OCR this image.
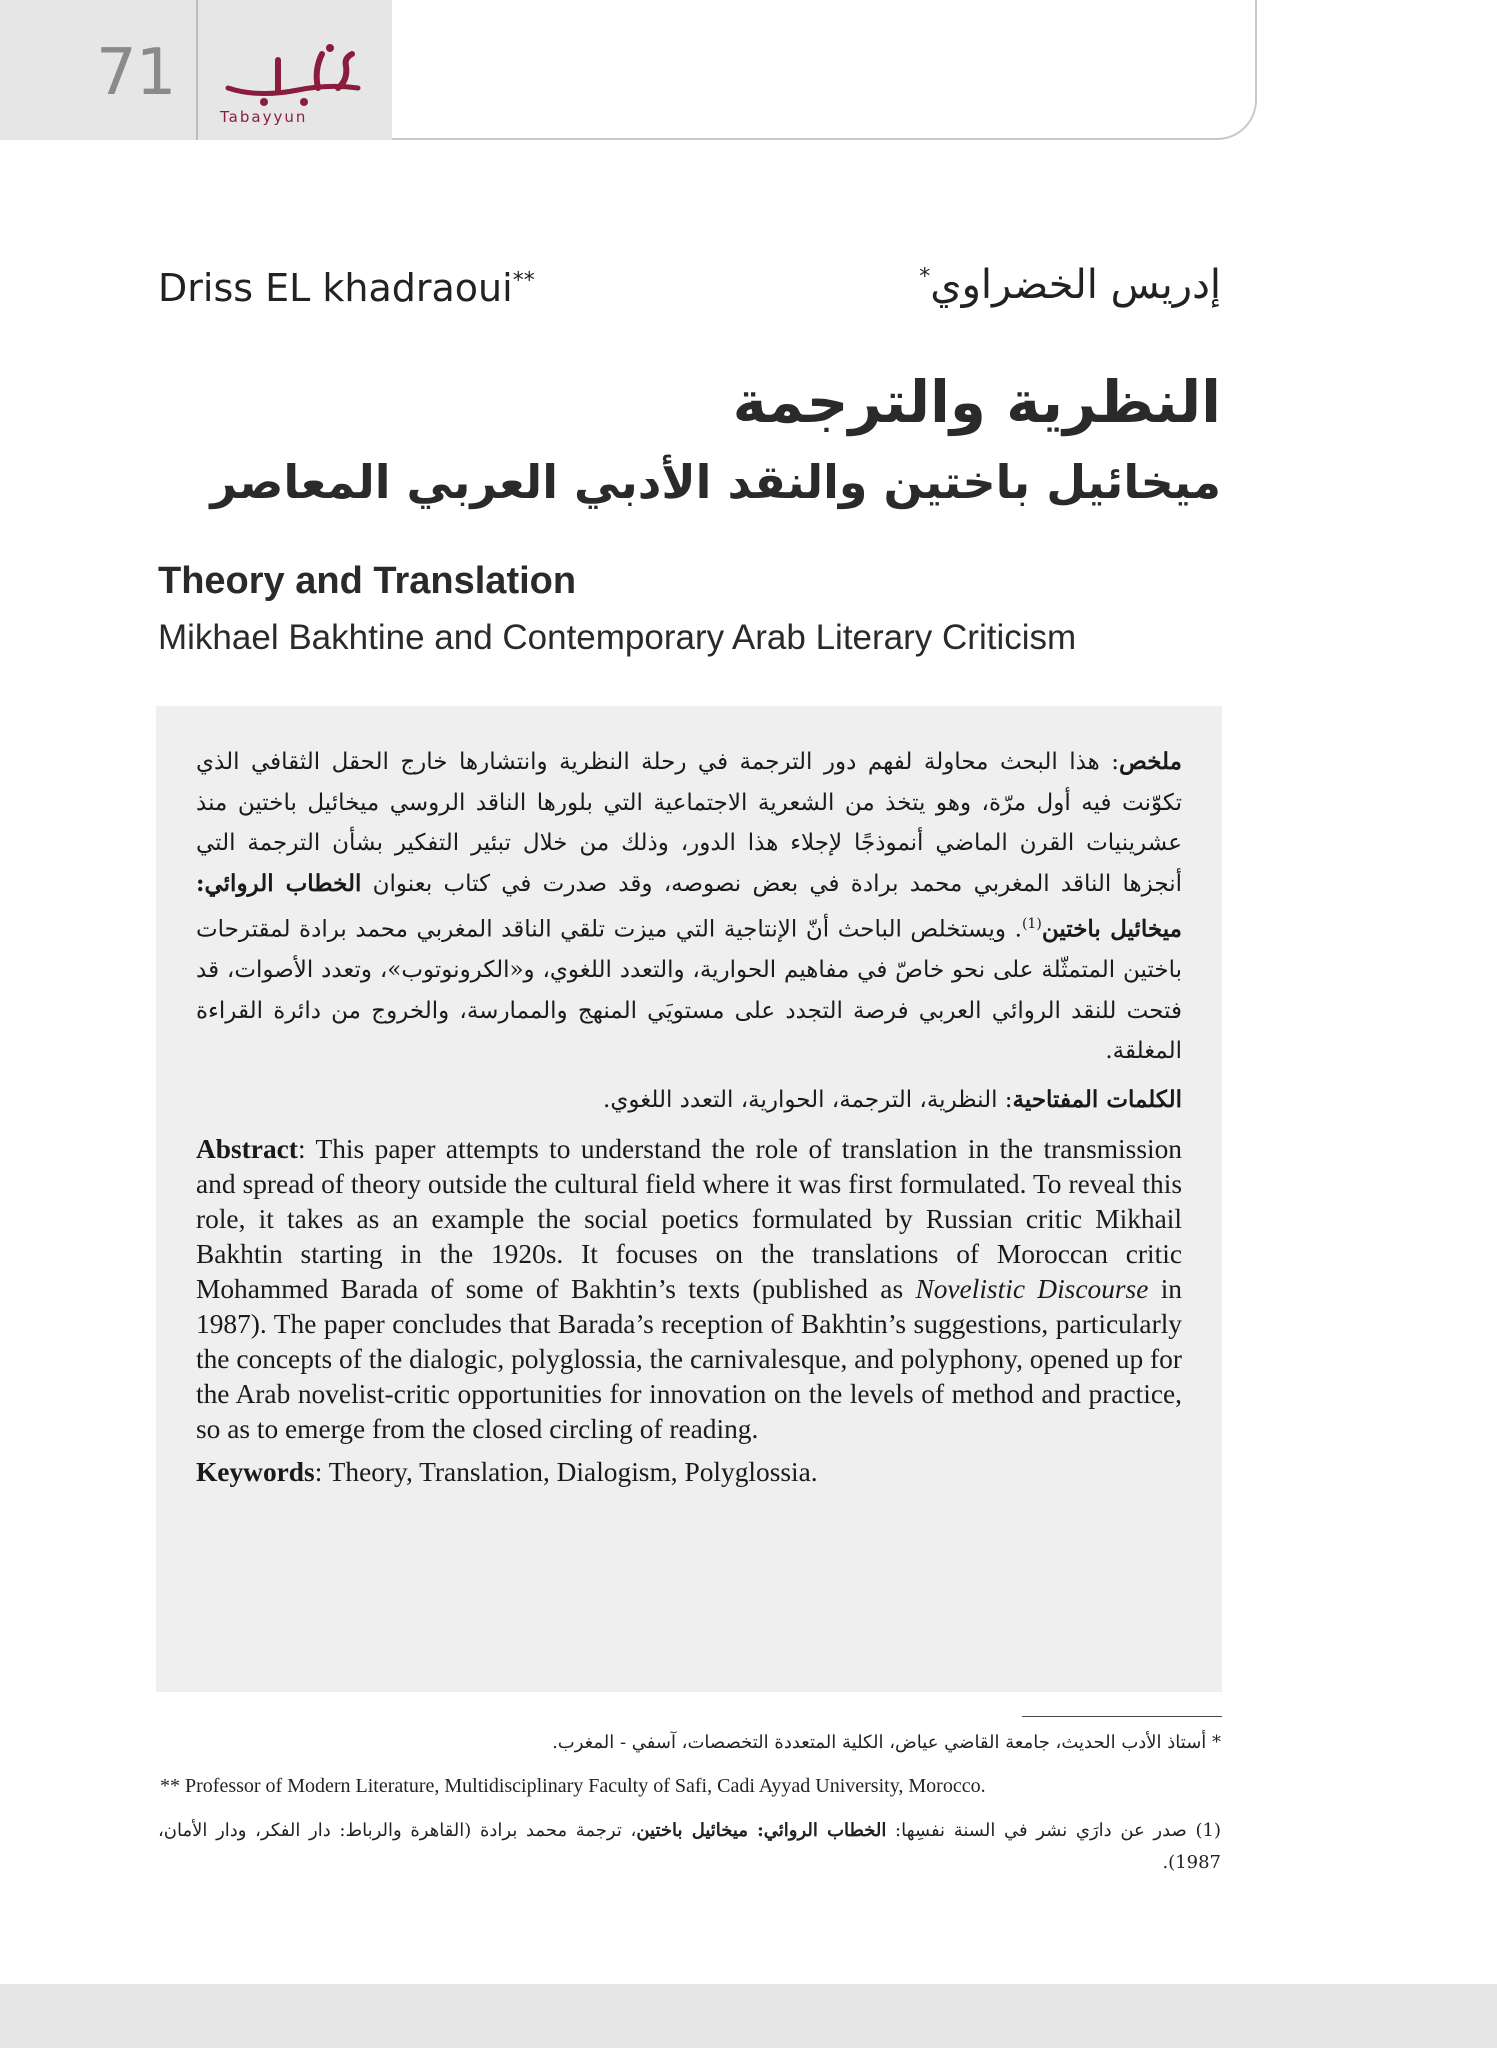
71
Tabayyun
Driss EL khadraoui**	إدريس الخضراوي*
النظرية والترجمة
ميخائيل باختين والنقد الأدبي العربي المعاصر
Theory and Translation
Mikhael Bakhtine and Contemporary Arab Literary Criticism

ملخص: هذا البحث محاولة لفهم دور الترجمة في رحلة النظرية وانتشارها خارج الحقل الثقافي الذي تكوّنت فيه أول مرّة، وهو يتخذ من الشعرية الاجتماعية التي بلورها الناقد الروسي ميخائيل باختين منذ عشرينيات القرن الماضي أنموذجًا لإجلاء هذا الدور، وذلك من خلال تبئير التفكير بشأن الترجمة التي أنجزها الناقد المغربي محمد برادة في بعض نصوصه، وقد صدرت في كتاب بعنوان الخطاب الروائي: ميخائيل باختين$^{(1)}$. ويستخلص الباحث أنّ الإنتاجية التي ميزت تلقي الناقد المغربي محمد برادة لمقترحات باختين المتمثّلة على نحو خاصّ في مفاهيم الحوارية، والتعدد اللغوي، و«الكرونوتوب»، وتعدد الأصوات، قد فتحت للنقد الروائي العربي فرصة التجدد على مستويَي المنهج والممارسة، والخروج من دائرة القراءة المغلقة.

الكلمات المفتاحية: النظرية، الترجمة، الحوارية، التعدد اللغوي.

Abstract: This paper attempts to understand the role of translation in the transmission and spread of theory outside the cultural field where it was first formulated. To reveal this role, it takes as an example the social poetics formulated by Russian critic Mikhail Bakhtin starting in the 1920s. It focuses on the translations of Moroccan critic Mohammed Barada of some of Bakhtin’s texts (published as Novelistic Discourse in 1987). The paper concludes that Barada’s reception of Bakhtin’s suggestions, particularly the concepts of the dialogic, polyglossia, the carnivalesque, and polyphony, opened up for the Arab novelist-critic opportunities for innovation on the levels of method and practice, so as to emerge from the closed circling of reading.

Keywords: Theory, Translation, Dialogism, Polyglossia.

* أستاذ الأدب الحديث، جامعة القاضي عياض، الكلية المتعددة التخصصات، آسفي - المغرب.
** Professor of Modern Literature, Multidisciplinary Faculty of Safi, Cadi Ayyad University, Morocco.
(1) صدر عن دارَي نشر في السنة نفسِها: الخطاب الروائي: ميخائيل باختين، ترجمة محمد برادة (القاهرة والرباط: دار الفكر، ودار الأمان، 1987).
